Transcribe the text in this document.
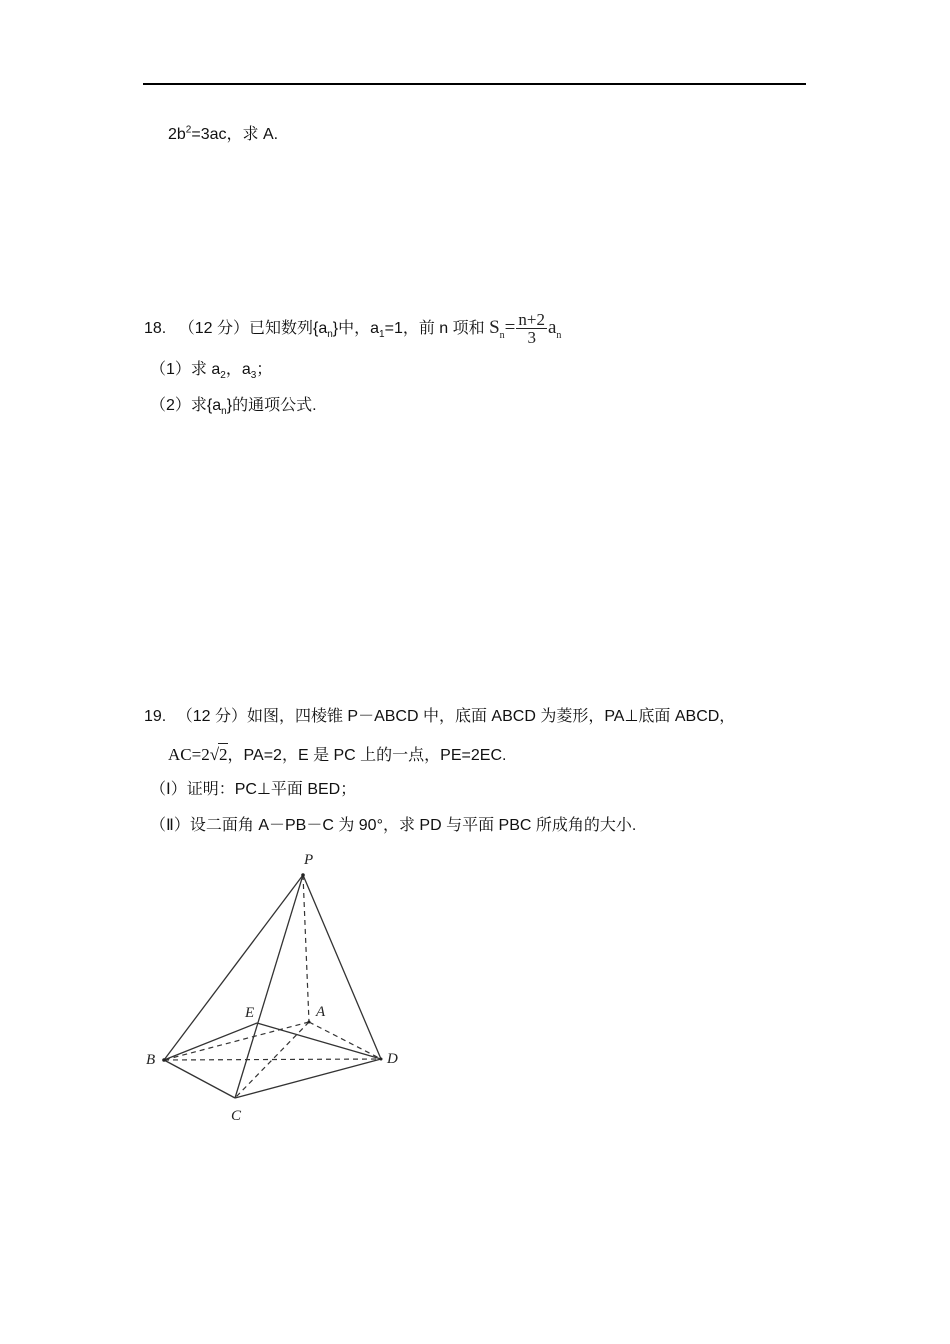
$2b^2=3ac$，求 A.
18. （12 分）已知数列$\{a_n\}$中，$a_1=1$，前 n 项和 $S_n= \frac{n+2}{3} a_n$
（1）求 $a_2$，$a_3$；
（2）求$\{a_n\}$的通项公式.
19. （12 分）如图，四棱锥 P－ABCD 中，底面 ABCD 为菱形，PA⊥底面 ABCD，
AC=2√2，PA=2，E 是 PC 上的一点，PE=2EC.
（Ⅰ）证明：PC⊥平面 BED；
（Ⅱ）设二面角 A－PB－C 为 90°，求 PD 与平面 PBC 所成角的大小.
P
A
E
B	D
C
